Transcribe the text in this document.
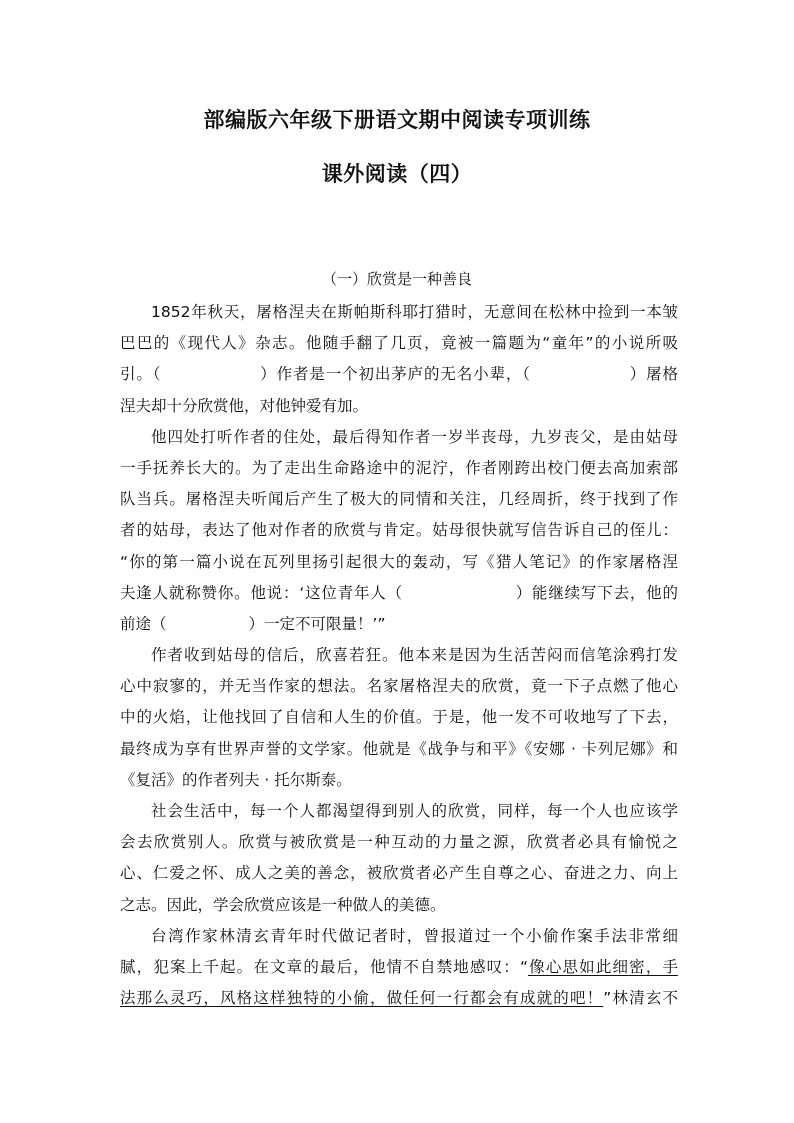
部编版六年级下册语文期中阅读专项训练
课外阅读（四）
（一）欣赏是一种善良
1852年秋天，屠格涅夫在斯帕斯科耶打猎时，无意间在松林中捡到一本皱
巴巴的《现代人》杂志。他随手翻了几页，竟被一篇题为“童年”的小说所吸
引。（	）作者是一个初出茅庐的无名小辈，（	）屠格
涅夫却十分欣赏他，对他钟爱有加。
他四处打听作者的住处，最后得知作者一岁半丧母，九岁丧父，是由姑母
一手抚养长大的。为了走出生命路途中的泥泞，作者刚跨出校门便去高加索部
队当兵。屠格涅夫听闻后产生了极大的同情和关注，几经周折，终于找到了作
者的姑母，表达了他对作者的欣赏与肯定。姑母很快就写信告诉自己的侄儿：
“你的第一篇小说在瓦列里扬引起很大的轰动，写《猎人笔记》的作家屠格涅
夫逢人就称赞你。他说：‘这位青年人（	）能继续写下去，他的
前途（	）一定不可限量！’”
作者收到姑母的信后，欣喜若狂。他本来是因为生活苦闷而信笔涂鸦打发
心中寂寥的，并无当作家的想法。名家屠格涅夫的欣赏，竟一下子点燃了他心
中的火焰，让他找回了自信和人生的价值。于是，他一发不可收地写了下去，
最终成为享有世界声誉的文学家。他就是《战争与和平》《安娜 · 卡列尼娜》和
《复活》的作者列夫 · 托尔斯泰。
社会生活中，每一个人都渴望得到别人的欣赏，同样，每一个人也应该学
会去欣赏别人。欣赏与被欣赏是一种互动的力量之源，欣赏者必具有愉悦之
心、仁爱之怀、成人之美的善念，被欣赏者必产生自尊之心、奋进之力、向上
之志。因此，学会欣赏应该是一种做人的美德。
台湾作家林清玄青年时代做记者时，曾报道过一个小偷作案手法非常细
腻，犯案上千起。在文章的最后，他情不自禁地感叹：“像心思如此细密，手
法那么灵巧，风格这样独特的小偷，做任何一行都会有成就的吧！”林清玄不
